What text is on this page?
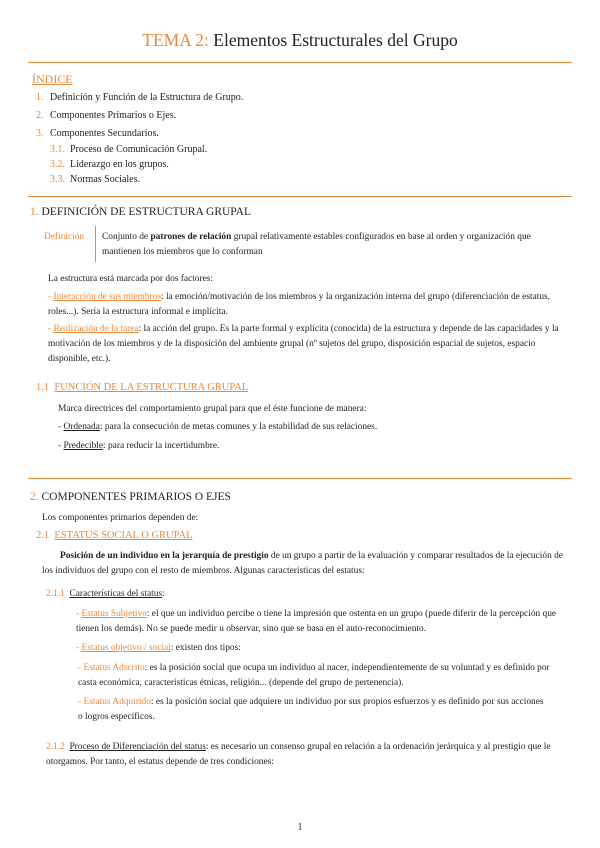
TEMA 2: Elementos Estructurales del Grupo
ÍNDICE
1. Definición y Función de la Estructura de Grupo.
2. Componentes Primarios o Ejes.
3. Componentes Secundarios.
3.1. Proceso de Comunicación Grupal.
3.2. Liderazgo en los grupos.
3.3. Normas Sociales.
1. DEFINICIÓN DE ESTRUCTURA GRUPAL
Definición Conjunto de patrones de relación grupal relativamente estables configurados en base al orden y organización que mantienen los miembros que lo conforman
La estructura está marcada por dos factores:
- Interacción de sus miembros: la emoción/motivación de los miembros y la organización interna del grupo (diferenciación de estatus, roles...). Sería la estructura informal e implícita.
- Realización de la tarea: la acción del grupo. Es la parte formal y explícita (conocida) de la estructura y depende de las capacidades y la motivación de los miembros y de la disposición del ambiente grupal (nº sujetos del grupo, disposición espacial de sujetos, espacio disponible, etc.).
1.1 FUNCIÓN DE LA ESTRUCTURA GRUPAL
Marca directrices del comportamiento grupal para que el éste funcione de manera:
- Ordenada: para la consecución de metas comunes y la estabilidad de sus relaciones.
- Predecible: para reducir la incertidumbre.
2. COMPONENTES PRIMARIOS O EJES
Los componentes primarios dependen de:
2.1 ESTATUS SOCIAL O GRUPAL
Posición de un individuo en la jerarquía de prestigio de un grupo a partir de la evaluación y comparar resultados de la ejecución de los individuos del grupo con el resto de miembros. Algunas características del estatus:
2.1.1 Características del status:
- Estatus Subjetivo: el que un individuo percibe o tiene la impresión que ostenta en un grupo (puede diferir de la percepción que tienen los demás). No se puede medir u observar, sino que se basa en el auto-reconocimiento.
- Estatus objetivo / social: existen dos tipos:
- Estatus Adscrito: es la posición social que ocupa un individuo al nacer, independientemente de su voluntad y es definido por casta económica, características étnicas, religión... (depende del grupo de pertenencia).
- Estatus Adquirido: es la posición social que adquiere un individuo por sus propios esfuerzos y es definido por sus acciones o logros específicos.
2.1.2 Proceso de Diferenciación del status: es necesario un consenso grupal en relación a la ordenación jerárquica y al prestigio que le otorgamos. Por tanto, el estatus depende de tres condiciones:
1
